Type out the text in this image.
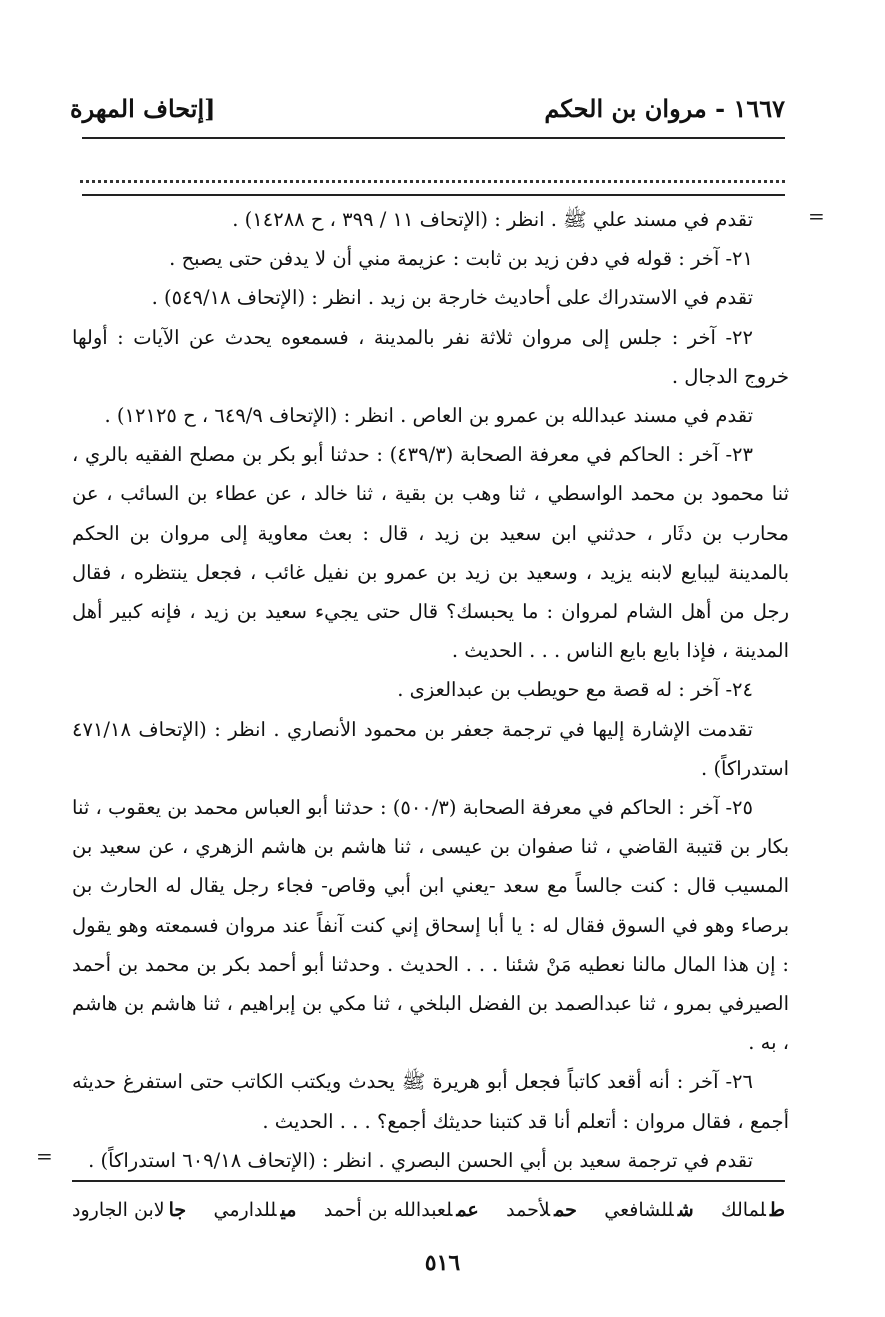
١٦٦٧ - مروان بن الحكم
[إتحاف المهرة
=
=

تقدم في مسند علي ﷺ . انظر : (الإتحاف ١١ / ٣٩٩ ، ح ١٤٢٨٨) .

٢١- آخر : قوله في دفن زيد بن ثابت : عزيمة مني أن لا يدفن حتى يصبح .

تقدم في الاستدراك على أحاديث خارجة بن زيد . انظر : (الإتحاف ٥٤٩/١٨) .

٢٢- آخر : جلس إلى مروان ثلاثة نفر بالمدينة ، فسمعوه يحدث عن الآيات : أولها خروج الدجال .

تقدم في مسند عبدالله بن عمرو بن العاص . انظر : (الإتحاف ٦٤٩/٩ ، ح ١٢١٢٥) .

٢٣- آخر : الحاكم في معرفة الصحابة (٤٣٩/٣) : حدثنا أبو بكر بن مصلح الفقيه بالري ، ثنا محمود بن محمد الواسطي ، ثنا وهب بن بقية ، ثنا خالد ، عن عطاء بن السائب ، عن محارب بن دثَار ، حدثني ابن سعيد بن زيد ، قال : بعث معاوية إلى مروان بن الحكم بالمدينة ليبايع لابنه يزيد ، وسعيد بن زيد بن عمرو بن نفيل غائب ، فجعل ينتظره ، فقال رجل من أهل الشام لمروان : ما يحبسك؟ قال حتى يجيء سعيد بن زيد ، فإنه كبير أهل المدينة ، فإذا بايع بايع الناس . . . الحديث .

٢٤- آخر : له قصة مع حويطب بن عبدالعزى .

تقدمت الإشارة إليها في ترجمة جعفر بن محمود الأنصاري . انظر : (الإتحاف ٤٧١/١٨ استدراكاً) .

٢٥- آخر : الحاكم في معرفة الصحابة (٥٠٠/٣) : حدثنا أبو العباس محمد بن يعقوب ، ثنا بكار بن قتيبة القاضي ، ثنا صفوان بن عيسى ، ثنا هاشم بن هاشم الزهري ، عن سعيد بن المسيب قال : كنت جالساً مع سعد -يعني ابن أبي وقاص- فجاء رجل يقال له الحارث بن برصاء وهو في السوق فقال له : يا أبا إسحاق إني كنت آنفاً عند مروان فسمعته وهو يقول : إن هذا المال مالنا نعطيه مَنْ شئنا . . . الحديث . وحدثنا أبو أحمد بكر بن محمد بن أحمد الصيرفي بمرو ، ثنا عبدالصمد بن الفضل البلخي ، ثنا مكي بن إبراهيم ، ثنا هاشم بن هاشم ، به .

٢٦- آخر : أنه أقعد كاتباً فجعل أبو هريرة ﷺ يحدث ويكتب الكاتب حتى استفرغ حديثه أجمع ، فقال مروان : أتعلم أنا قد كتبنا حديثك أجمع؟ . . . الحديث .

تقدم في ترجمة سعيد بن أبي الحسن البصري . انظر : (الإتحاف ٦٠٩/١٨ استدراكاً) .

طلمالك
شللشافعي
حملأحمد
عملعبدالله بن أحمد
ميللدارمي
جالابن الجارود
٥١٦
